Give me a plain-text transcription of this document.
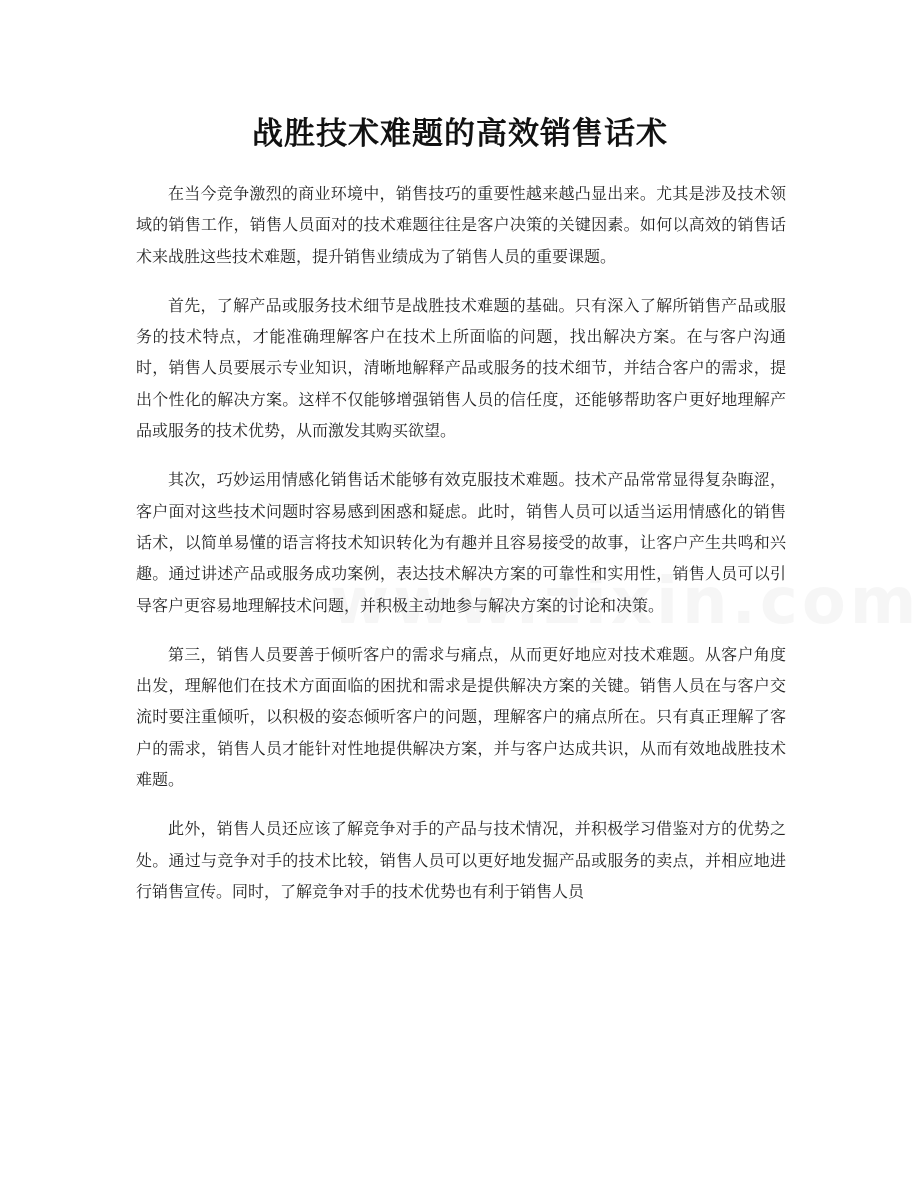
战胜技术难题的高效销售话术

在当今竞争激烈的商业环境中，销售技巧的重要性越来越凸显出来。尤其是涉及技术领域的销售工作，销售人员面对的技术难题往往是客户决策的关键因素。如何以高效的销售话术来战胜这些技术难题，提升销售业绩成为了销售人员的重要课题。

首先，了解产品或服务技术细节是战胜技术难题的基础。只有深入了解所销售产品或服务的技术特点，才能准确理解客户在技术上所面临的问题，找出解决方案。在与客户沟通时，销售人员要展示专业知识，清晰地解释产品或服务的技术细节，并结合客户的需求，提出个性化的解决方案。这样不仅能够增强销售人员的信任度，还能够帮助客户更好地理解产品或服务的技术优势，从而激发其购买欲望。

其次，巧妙运用情感化销售话术能够有效克服技术难题。技术产品常常显得复杂晦涩，客户面对这些技术问题时容易感到困惑和疑虑。此时，销售人员可以适当运用情感化的销售话术，以简单易懂的语言将技术知识转化为有趣并且容易接受的故事，让客户产生共鸣和兴趣。通过讲述产品或服务成功案例，表达技术解决方案的可靠性和实用性，销售人员可以引导客户更容易地理解技术问题，并积极主动地参与解决方案的讨论和决策。

第三，销售人员要善于倾听客户的需求与痛点，从而更好地应对技术难题。从客户角度出发，理解他们在技术方面面临的困扰和需求是提供解决方案的关键。销售人员在与客户交流时要注重倾听，以积极的姿态倾听客户的问题，理解客户的痛点所在。只有真正理解了客户的需求，销售人员才能针对性地提供解决方案，并与客户达成共识，从而有效地战胜技术难题。

此外，销售人员还应该了解竞争对手的产品与技术情况，并积极学习借鉴对方的优势之处。通过与竞争对手的技术比较，销售人员可以更好地发掘产品或服务的卖点，并相应地进行销售宣传。同时，了解竞争对手的技术优势也有利于销售人员
